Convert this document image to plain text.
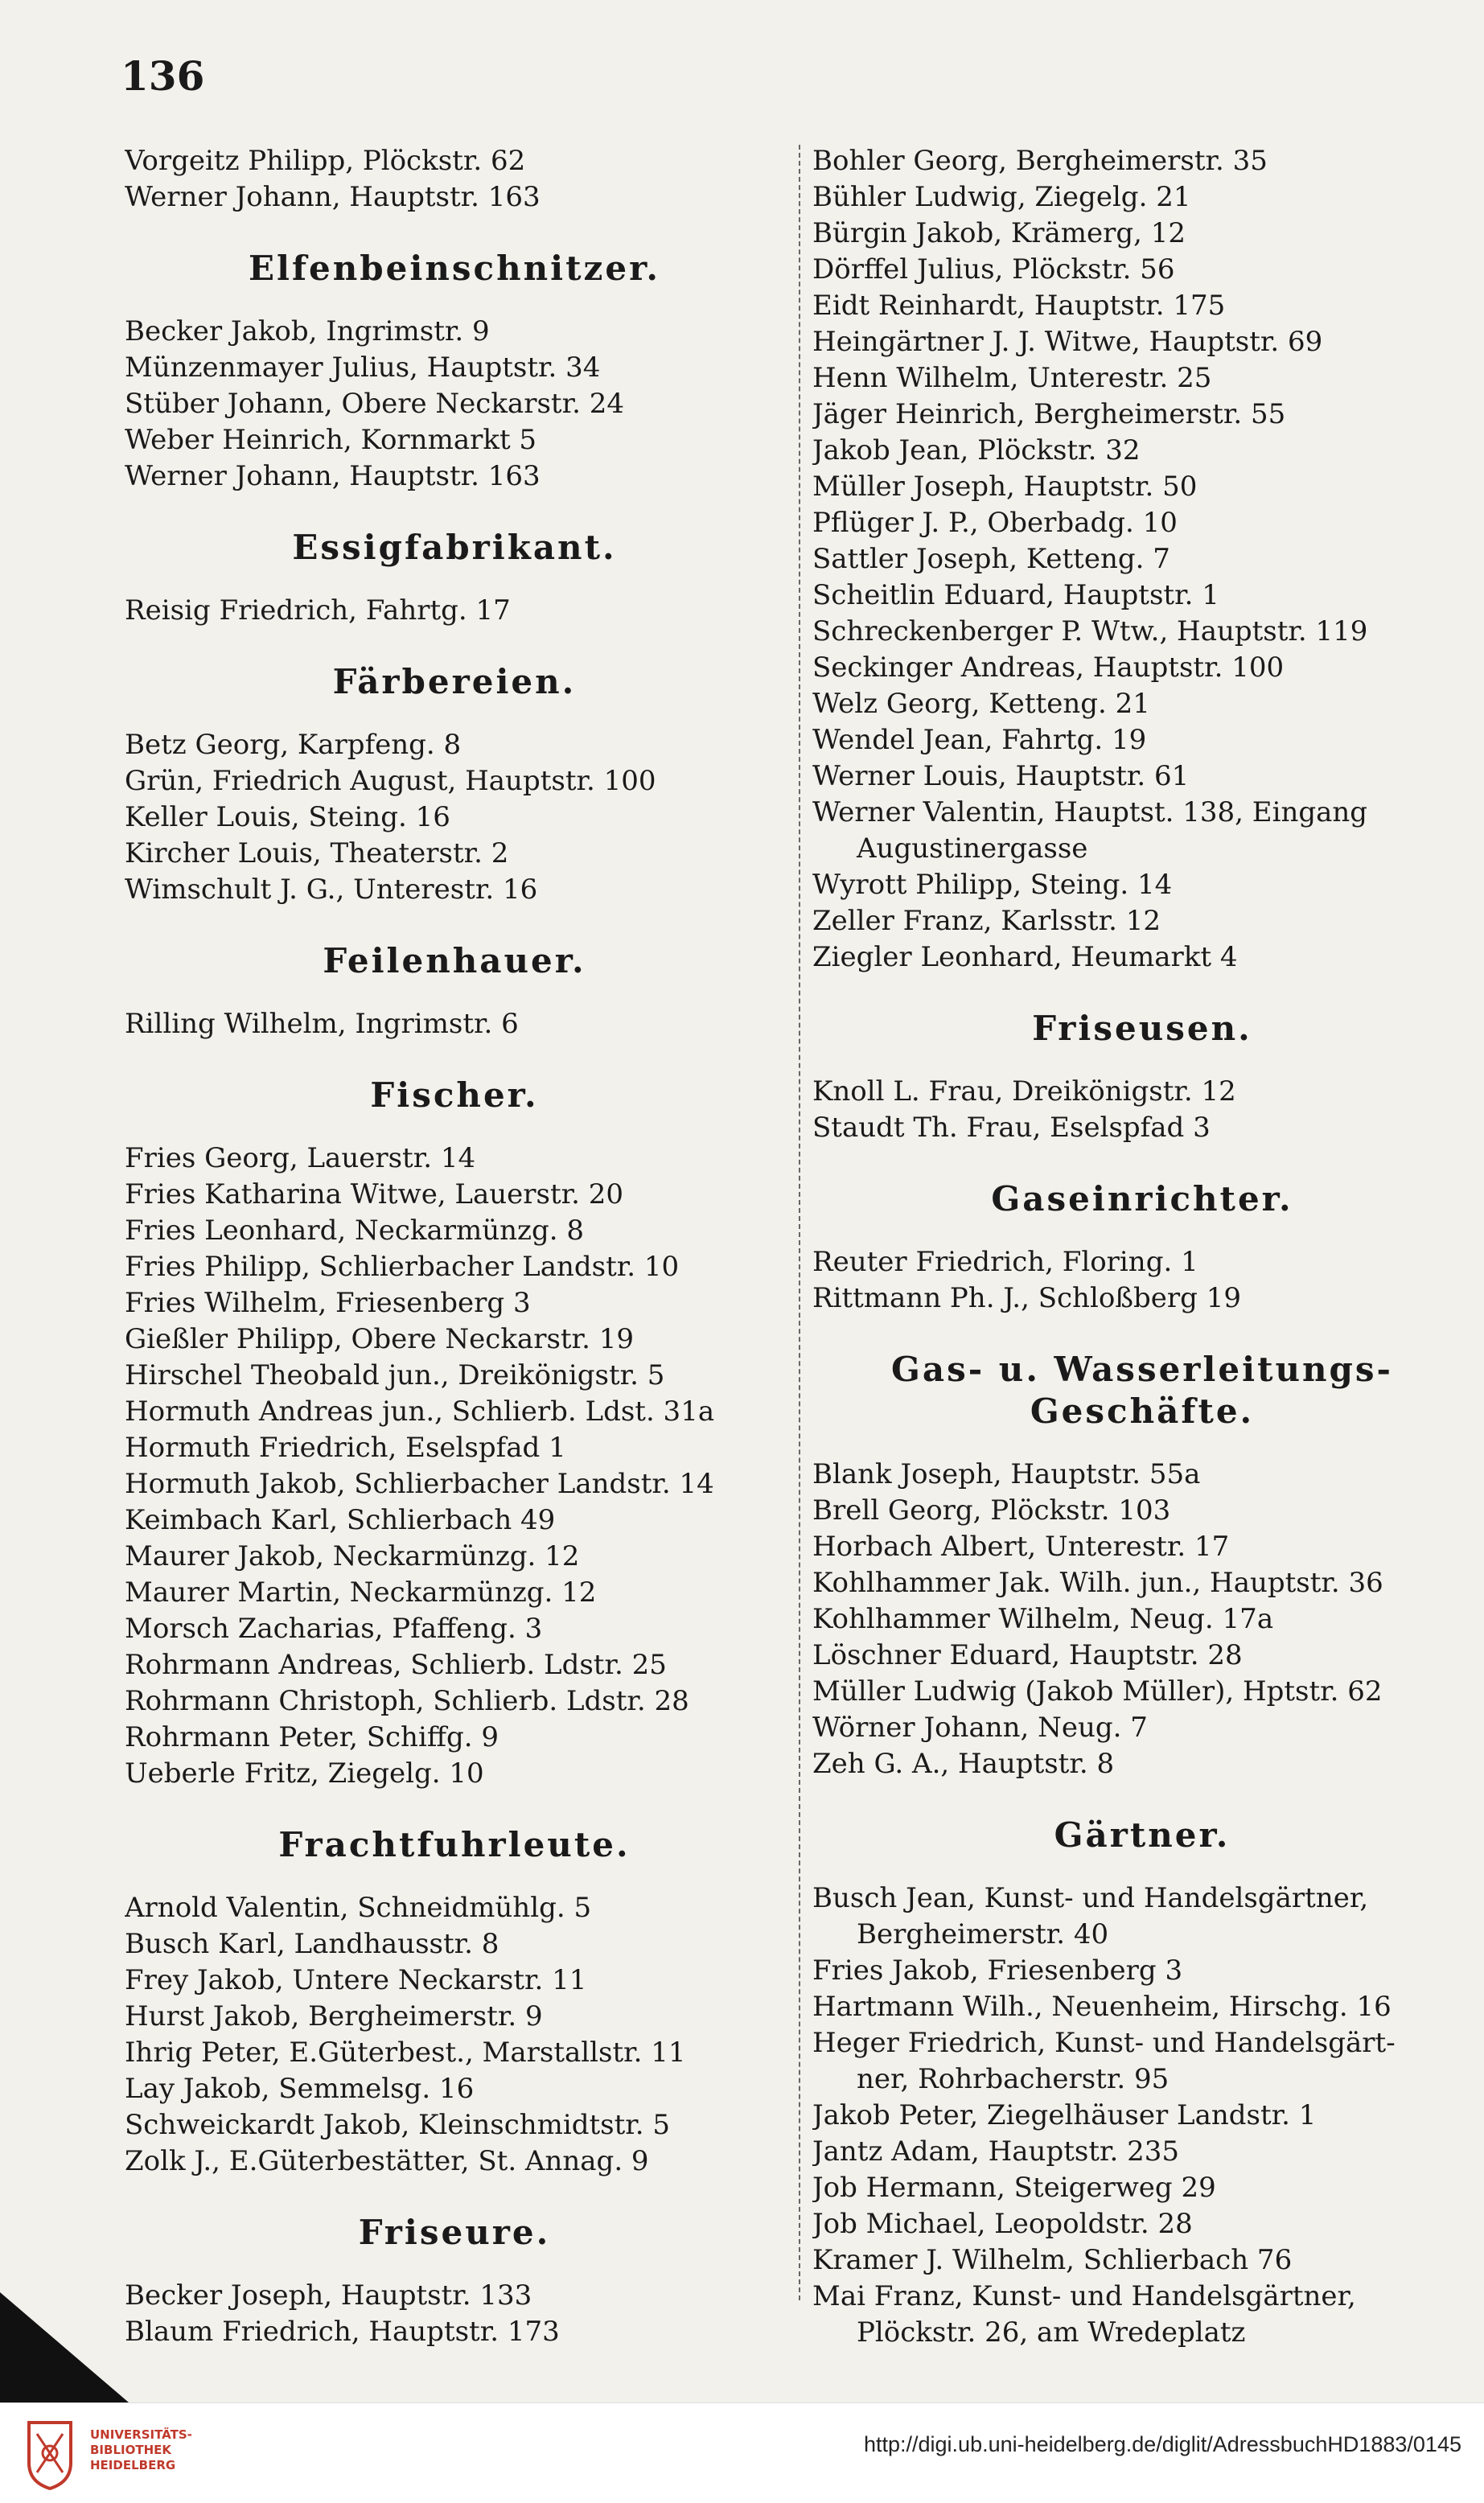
136
Vorgeitz Philipp, Plöckstr. 62
Werner Johann, Hauptstr. 163
Elfenbeinschnitzer.
Becker Jakob, Ingrimstr. 9
Münzenmayer Julius, Hauptstr. 34
Stüber Johann, Obere Neckarstr. 24
Weber Heinrich, Kornmarkt 5
Werner Johann, Hauptstr. 163
Essigfabrikant.
Reisig Friedrich, Fahrtg. 17
Färbereien.
Betz Georg, Karpfeng. 8
Grün, Friedrich August, Hauptstr. 100
Keller Louis, Steing. 16
Kircher Louis, Theaterstr. 2
Wimschult J. G., Unterestr. 16
Feilenhauer.
Rilling Wilhelm, Ingrimstr. 6
Fischer.
Fries Georg, Lauerstr. 14
Fries Katharina Witwe, Lauerstr. 20
Fries Leonhard, Neckarmünzg. 8
Fries Philipp, Schlierbacher Landstr. 10
Fries Wilhelm, Friesenberg 3
Gießler Philipp, Obere Neckarstr. 19
Hirschel Theobald jun., Dreikönigstr. 5
Hormuth Andreas jun., Schlierb. Ldst. 31a
Hormuth Friedrich, Eselspfad 1
Hormuth Jakob, Schlierbacher Landstr. 14
Keimbach Karl, Schlierbach 49
Maurer Jakob, Neckarmünzg. 12
Maurer Martin, Neckarmünzg. 12
Morsch Zacharias, Pfaffeng. 3
Rohrmann Andreas, Schlierb. Ldstr. 25
Rohrmann Christoph, Schlierb. Ldstr. 28
Rohrmann Peter, Schiffg. 9
Ueberle Fritz, Ziegelg. 10
Frachtfuhrleute.
Arnold Valentin, Schneidmühlg. 5
Busch Karl, Landhausstr. 8
Frey Jakob, Untere Neckarstr. 11
Hurst Jakob, Bergheimerstr. 9
Ihrig Peter, E.Güterbest., Marstallstr. 11
Lay Jakob, Semmelsg. 16
Schweickardt Jakob, Kleinschmidtstr. 5
Zolk J., E.Güterbestätter, St. Annag. 9
Friseure.
Becker Joseph, Hauptstr. 133
Blaum Friedrich, Hauptstr. 173
Bohler Georg, Bergheimerstr. 35
Bühler Ludwig, Ziegelg. 21
Bürgin Jakob, Krämerg, 12
Dörffel Julius, Plöckstr. 56
Eidt Reinhardt, Hauptstr. 175
Heingärtner J. J. Witwe, Hauptstr. 69
Henn Wilhelm, Unterestr. 25
Jäger Heinrich, Bergheimerstr. 55
Jakob Jean, Plöckstr. 32
Müller Joseph, Hauptstr. 50
Pflüger J. P., Oberbadg. 10
Sattler Joseph, Ketteng. 7
Scheitlin Eduard, Hauptstr. 1
Schreckenberger P. Wtw., Hauptstr. 119
Seckinger Andreas, Hauptstr. 100
Welz Georg, Ketteng. 21
Wendel Jean, Fahrtg. 19
Werner Louis, Hauptstr. 61
Werner Valentin, Hauptst. 138, Eingang
Augustinergasse
Wyrott Philipp, Steing. 14
Zeller Franz, Karlsstr. 12
Ziegler Leonhard, Heumarkt 4
Friseusen.
Knoll L. Frau, Dreikönigstr. 12
Staudt Th. Frau, Eselspfad 3
Gaseinrichter.
Reuter Friedrich, Floring. 1
Rittmann Ph. J., Schloßberg 19
Gas- u. Wasserleitungs-Geschäfte.
Blank Joseph, Hauptstr. 55a
Brell Georg, Plöckstr. 103
Horbach Albert, Unterestr. 17
Kohlhammer Jak. Wilh. jun., Hauptstr. 36
Kohlhammer Wilhelm, Neug. 17a
Löschner Eduard, Hauptstr. 28
Müller Ludwig (Jakob Müller), Hptstr. 62
Wörner Johann, Neug. 7
Zeh G. A., Hauptstr. 8
Gärtner.
Busch Jean, Kunst- und Handelsgärtner,
Bergheimerstr. 40
Fries Jakob, Friesenberg 3
Hartmann Wilh., Neuenheim, Hirschg. 16
Heger Friedrich, Kunst- und Handelsgärt-
ner, Rohrbacherstr. 95
Jakob Peter, Ziegelhäuser Landstr. 1
Jantz Adam, Hauptstr. 235
Job Hermann, Steigerweg 29
Job Michael, Leopoldstr. 28
Kramer J. Wilhelm, Schlierbach 76
Mai Franz, Kunst- und Handelsgärtner,
Plöckstr. 26, am Wredeplatz
UNIVERSITÄTS-
BIBLIOTHEK
HEIDELBERG
http://digi.ub.uni-heidelberg.de/diglit/AdressbuchHD1883/0145
